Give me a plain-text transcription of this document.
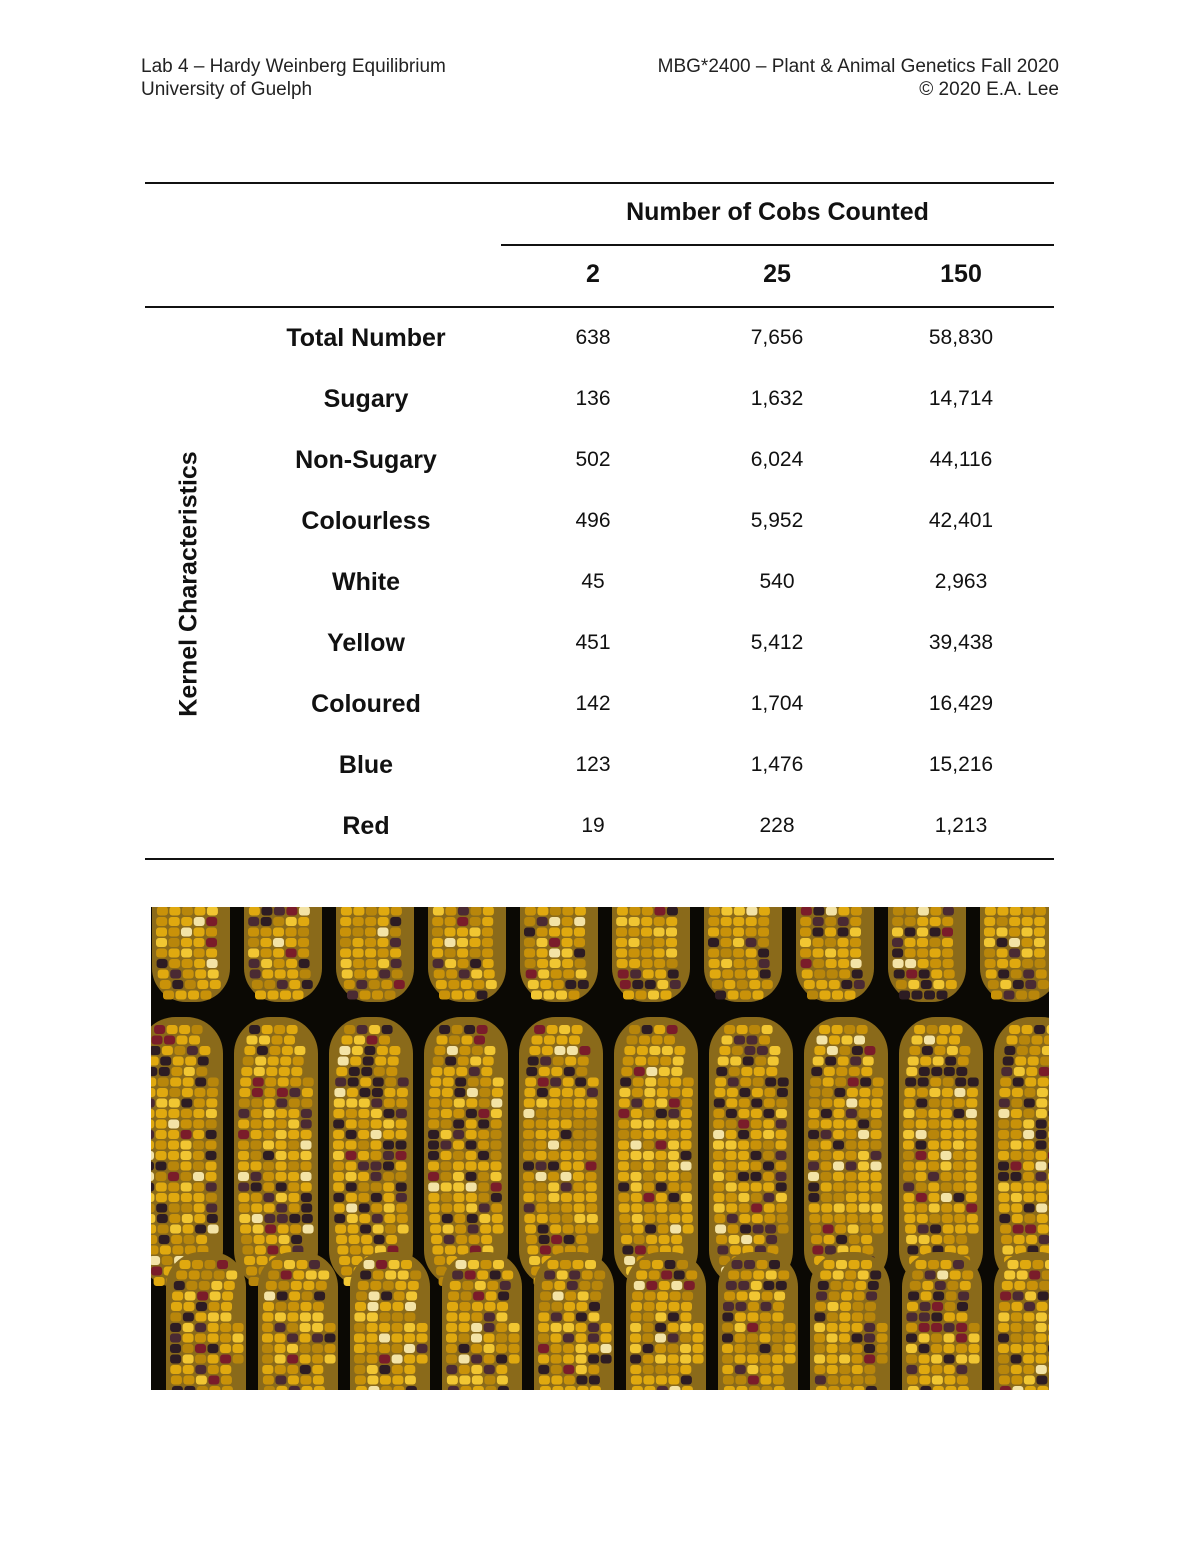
Lab 4 – Hardy Weinberg Equilibrium
University of Guelph
MBG*2400 – Plant & Animal Genetics Fall 2020
© 2020 E.A. Lee
Number of Cobs Counted
2	25	150
Kernel Characteristics
Total Number	638	7,656	58,830
Sugary	136	1,632	14,714
Non-Sugary	502	6,024	44,116
Colourless	496	5,952	42,401
White	45	540	2,963
Yellow	451	5,412	39,438
Coloured	142	1,704	16,429
Blue	123	1,476	15,216
Red	19	228	1,213
